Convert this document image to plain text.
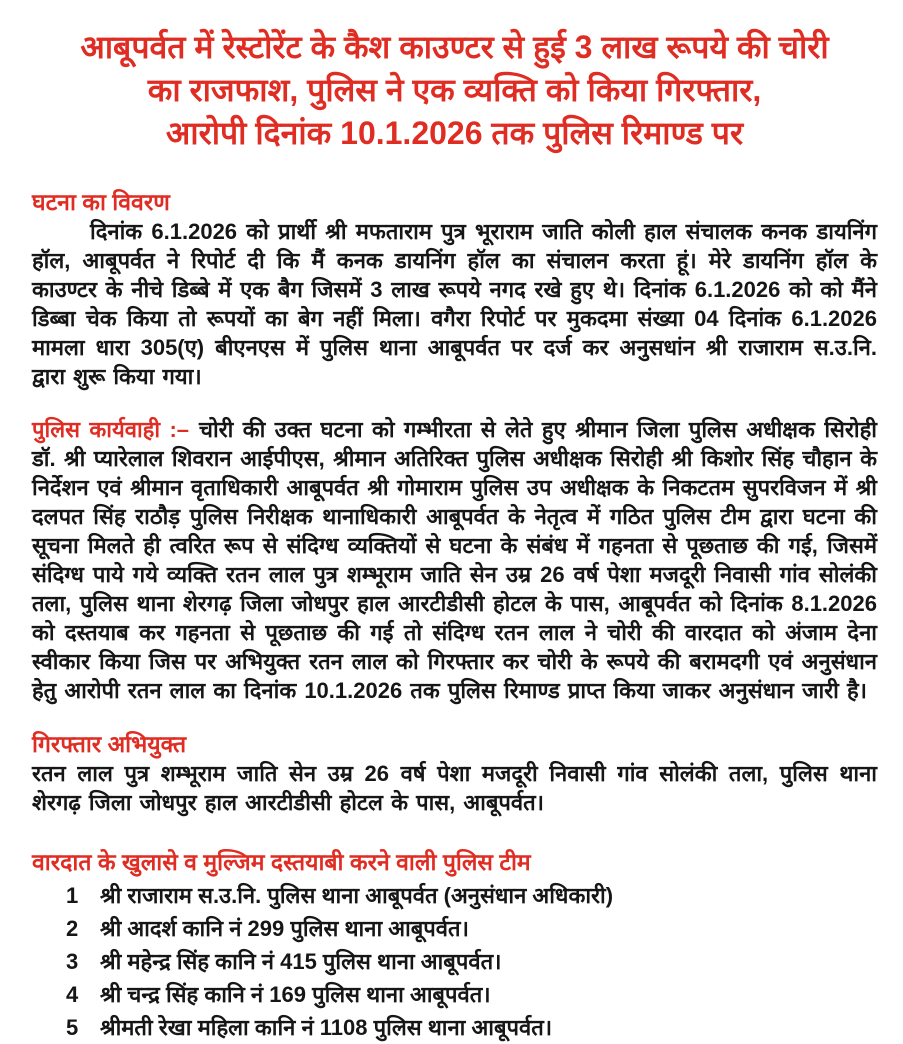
आबूपर्वत में रेस्टोरेंट के कैश काउण्टर से हुई 3 लाख रूपये की चोरी
का राजफाश, पुलिस ने एक व्यक्ति को किया गिरफ्तार,
आरोपी दिनांक 10.1.2026 तक पुलिस रिमाण्ड पर
घटना का विवरण

दिनांक 6.1.2026 को प्रार्थी श्री मफताराम पुत्र भूराराम जाति कोली हाल संचालक कनक डायनिंग हॉल, आबूपर्वत ने रिपोर्ट दी कि मैं कनक डायनिंग हॉल का संचालन करता हूं। मेरे डायनिंग हॉल के काउण्टर के नीचे डिब्बे में एक बैग जिसमें 3 लाख रूपये नगद रखे हुए थे। दिनांक 6.1.2026 को को मैंने डिब्बा चेक किया तो रूपयों का बेग नहीं मिला। वगैरा रिपोर्ट पर मुकदमा संख्या 04 दिनांक 6.1.2026 मामला धारा 305(ए) बीएनएस में पुलिस थाना आबूपर्वत पर दर्ज कर अनुसधांन श्री राजाराम स.उ.नि. द्वारा शुरू किया गया।

पुलिस कार्यवाही :– चोरी की उक्त घटना को गम्भीरता से लेते हुए श्रीमान जिला पुलिस अधीक्षक सिरोही डॉ. श्री प्यारेलाल शिवरान आईपीएस, श्रीमान अतिरिक्त पुलिस अधीक्षक सिरोही श्री किशोर सिंह चौहान के निर्देशन एवं श्रीमान वृताधिकारी आबूपर्वत श्री गोमाराम पुलिस उप अधीक्षक के निकटतम सुपरविजन में श्री दलपत सिंह राठौड़ पुलिस निरीक्षक थानाधिकारी आबूपर्वत के नेतृत्व में गठित पुलिस टीम द्वारा घटना की सूचना मिलते ही त्वरित रूप से संदिग्ध व्यक्तियों से घटना के संबंध में गहनता से पूछताछ की गई, जिसमें संदिग्ध पाये गये व्यक्ति रतन लाल पुत्र शम्भूराम जाति सेन उम्र 26 वर्ष पेशा मजदूरी निवासी गांव सोलंकी तला, पुलिस थाना शेरगढ़ जिला जोधपुर हाल आरटीडीसी होटल के पास, आबूपर्वत को दिनांक 8.1.2026 को दस्तयाब कर गहनता से पूछताछ की गई तो संदिग्ध रतन लाल ने चोरी की वारदात को अंजाम देना स्वीकार किया जिस पर अभियुक्त रतन लाल को गिरफ्तार कर चोरी के रूपये की बरामदगी एवं अनुसंधान हेतु आरोपी रतन लाल का दिनांक 10.1.2026 तक पुलिस रिमाण्ड प्राप्त किया जाकर अनुसंधान जारी है।

गिरफ्तार अभियुक्त

रतन लाल पुत्र शम्भूराम जाति सेन उम्र 26 वर्ष पेशा मजदूरी निवासी गांव सोलंकी तला, पुलिस थाना शेरगढ़ जिला जोधपुर हाल आरटीडीसी होटल के पास, आबूपर्वत।

वारदात के खुलासे व मुल्जिम दस्तयाबी करने वाली पुलिस टीम
1 श्री राजाराम स.उ.नि. पुलिस थाना आबूपर्वत (अनुसंधान अधिकारी)
2 श्री आदर्श कानि नं 299 पुलिस थाना आबूपर्वत।
3 श्री महेन्द्र सिंह कानि नं 415 पुलिस थाना आबूपर्वत।
4 श्री चन्द्र सिंह कानि नं 169 पुलिस थाना आबूपर्वत।
5 श्रीमती रेखा महिला कानि नं 1108 पुलिस थाना आबूपर्वत।
